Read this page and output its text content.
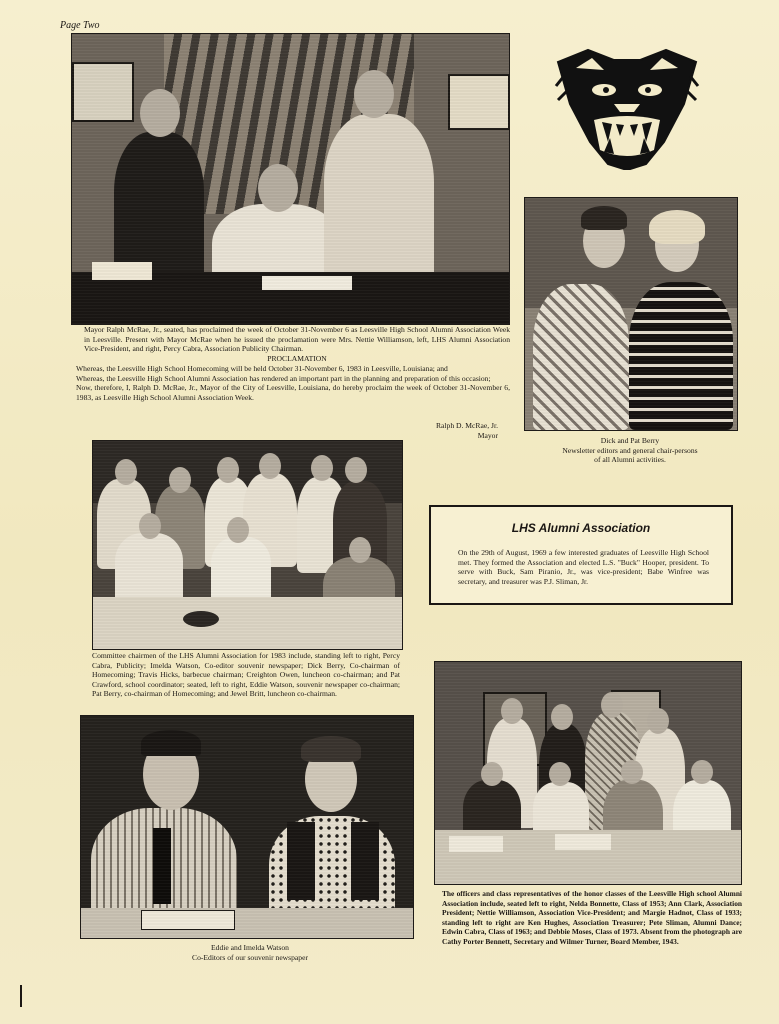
Page Two

Mayor Ralph McRae, Jr., seated, has proclaimed the week of October 31-November 6 as Leesville High School Alumni Association Week in Leesville. Present with Mayor McRae when he issued the proclamation were Mrs. Nettie Williamson, left, LHS Alumni Association Vice-President, and right, Percy Cabra, Association Publicity Chairman.

PROCLAMATION

Whereas, the Leesville High School Homecoming will be held October 31-November 6, 1983 in Leesville, Louisiana; and

Whereas, the Leesville High School Alumni Association has rendered an important part in the planning and preparation of this occasion;

Now, therefore, I, Ralph D. McRae, Jr., Mayor of the City of Leesville, Louisiana, do hereby proclaim the week of October 31-November 6, 1983, as Leesville High School Alumni Association Week.

Ralph D. McRae, Jr.

Mayor

Dick and Pat Berry

Newsletter editors and general chair-persons

of all Alumni activities.

Committee chairmen of the LHS Alumni Association for 1983 include, standing left to right, Percy Cabra, Publicity; Imelda Watson, Co-editor souvenir newspaper; Dick Berry, Co-chairman of Homecoming; Travis Hicks, barbecue chairman; Creighton Owen, luncheon co-chairman; and Pat Crawford, school coordinator; seated, left to right, Eddie Watson, souvenir newspaper co-chairman; Pat Berry, co-chairman of Homecoming; and Jewel Britt, luncheon co-chairman.

LHS Alumni Association
On the 29th of August, 1969 a few interested graduates of Leesville High School met. They formed the Association and elected L.S. "Buck" Hooper, president. To serve with Buck, Sam Piranio, Jr., was vice-president; Babe Winfree was secretary, and treasurer was P.J. Sliman, Jr.

Eddie and Imelda Watson

Co-Editors of our souvenir newspaper

The officers and class representatives of the honor classes of the Leesville High school Alumni Association include, seated left to right, Nelda Bonnette, Class of 1953; Ann Clark, Association President; Nettie Williamson, Association Vice-President; and Margie Hadnot, Class of 1933; standing left to right are Ken Hughes, Association Treasurer; Pete Sliman, Alumni Dance; Edwin Cabra, Class of 1963; and Debbie Moses, Class of 1973. Absent from the photograph are Cathy Porter Bennett, Secretary and Wilmer Turner, Board Member, 1943.
